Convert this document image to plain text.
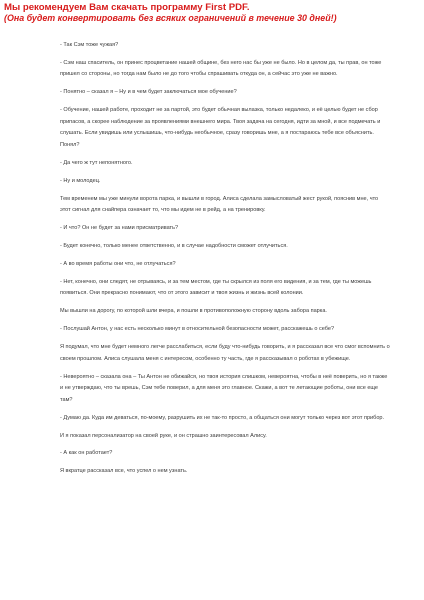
Мы рекомендуем Вам скачать программу First PDF.
(Она будет конвертировать без всяких ограничений в течение 30 дней!)

- Так Сэм тоже чужая?

- Сэм наш спаситель, он принес процветание нашей общине, без него нас бы уже не было. Но в целом да, ты прав, он тоже пришел со стороны, но тогда нам было не до того чтобы спрашивать откуда он, а сейчас это уже не важно.

- Понятно – сказал я – Ну и в чем будет заключаться мое обучение?

- Обучение, нашей работе, проходит не за партой, это будет обычная вылазка, только недалеко, и её целью будет не сбор припасов, а скорее наблюдение за проявлениями внешнего мира. Твоя задача на сегодня, идти за мной, и все подмечать и слушать. Если увидишь или услышишь, что-нибудь необычное, сразу говоришь мне, а я постараюсь тебе все объяснить. Понял?

- Да чего ж тут непонятного.

- Ну и молодец.

Тем временем мы уже минули ворота парка, и вышли в город. Алиса сделала замысловатый жест рукой, пояснив мне, что этот сигнал для снайпера означает то, что мы идем не в рейд, а на тренировку.

- И что? Он не будет за нами присматривать?

- Будет конечно, только менее ответственно, и в случае надобности сможет отлучиться.

- А во время работы они что, не отлучаться?

- Нет, конечно, они следят, не отрываясь, и за тем местом, где ты скрылся из поля его видения, и за тем, где ты можешь появиться. Они прекрасно понимают, что от этого зависит и твоя жизнь и жизнь всей колонии.

Мы вышли на дорогу, по которой шли вчера, и пошли в противоположную сторону вдоль забора парка.

- Послушай Антон, у нас есть несколько минут в относительной безопасности может, расскажешь о себе?

Я подумал, что мне будет немного легче расслабиться, если буду что-нибудь говорить, и я рассказал все что смог вспомнить о своем прошлом. Алиса слушала меня с интересом, особенно ту часть, где я рассказывал о роботах в убежище.

- Невероятно – сказала она – Ты Антон не обижайся, но твоя история слишком, невероятна, чтобы в неё поверить, но я также и не утверждаю, что ты врешь, Сэм тебе поверил, а для меня это главное. Скажи, а вот те летающие роботы, они все еще там?

- Думаю да. Куда им деваться, по-моему, разрушить их не так-то просто, а общаться они могут только через вот этот прибор.

И я показал персонализатор на своей руке, и он страшно заинтересовал Алису.

- А как он работает?

Я вкратце рассказал все, что успел о нем узнать.
